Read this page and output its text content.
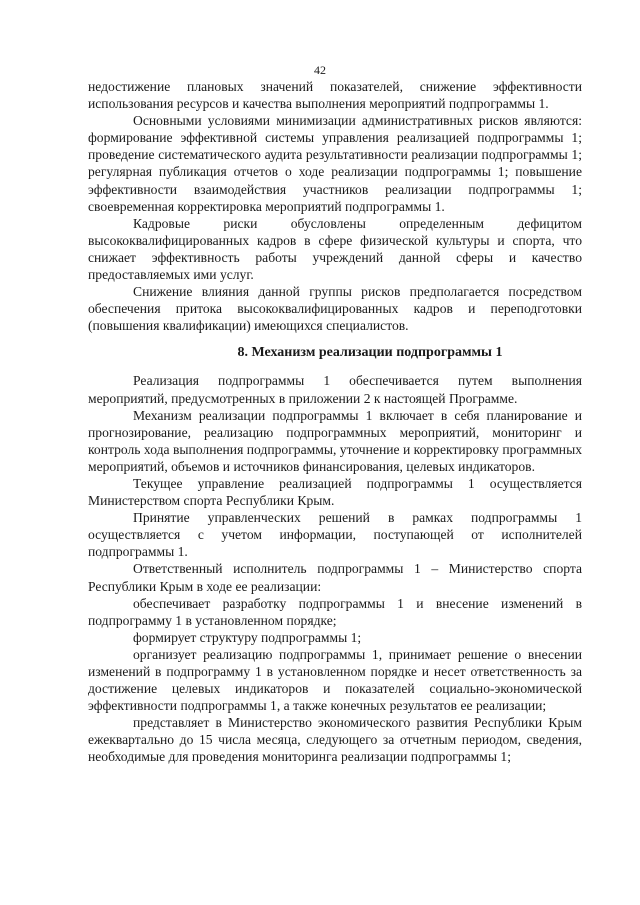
42

недостижение плановых значений показателей, снижение эффективности использования ресурсов и качества выполнения мероприятий подпрограммы 1.

Основными условиями минимизации административных рисков являются: формирование эффективной системы управления реализацией подпрограммы 1; проведение систематического аудита результативности реализации подпрограммы 1; регулярная публикация отчетов о ходе реализации подпрограммы 1; повышение эффективности взаимодействия участников реализации подпрограммы 1; своевременная корректировка мероприятий подпрограммы 1.

Кадровые риски обусловлены определенным дефицитом высококвалифицированных кадров в сфере физической культуры и спорта, что снижает эффективность работы учреждений данной сферы и качество предоставляемых ими услуг.

Снижение влияния данной группы рисков предполагается посредством обеспечения притока высококвалифицированных кадров и переподготовки (повышения квалификации) имеющихся специалистов.

8. Механизм реализации подпрограммы 1

Реализация подпрограммы 1 обеспечивается путем выполнения мероприятий, предусмотренных в приложении 2 к настоящей Программе.

Механизм реализации подпрограммы 1 включает в себя планирование и прогнозирование, реализацию подпрограммных мероприятий, мониторинг и контроль хода выполнения подпрограммы, уточнение и корректировку программных мероприятий, объемов и источников финансирования, целевых индикаторов.

Текущее управление реализацией подпрограммы 1 осуществляется Министерством спорта Республики Крым.

Принятие управленческих решений в рамках подпрограммы 1 осуществляется с учетом информации, поступающей от исполнителей подпрограммы 1.

Ответственный исполнитель подпрограммы 1 – Министерство спорта Республики Крым в ходе ее реализации:

обеспечивает разработку подпрограммы 1 и внесение изменений в подпрограмму 1 в установленном порядке;

формирует структуру подпрограммы 1;

организует реализацию подпрограммы 1, принимает решение о внесении изменений в подпрограмму 1 в установленном порядке и несет ответственность за достижение целевых индикаторов и показателей социально-экономической эффективности подпрограммы 1, а также конечных результатов ее реализации;

представляет в Министерство экономического развития Республики Крым ежеквартально до 15 числа месяца, следующего за отчетным периодом, сведения, необходимые для проведения мониторинга реализации подпрограммы 1;
